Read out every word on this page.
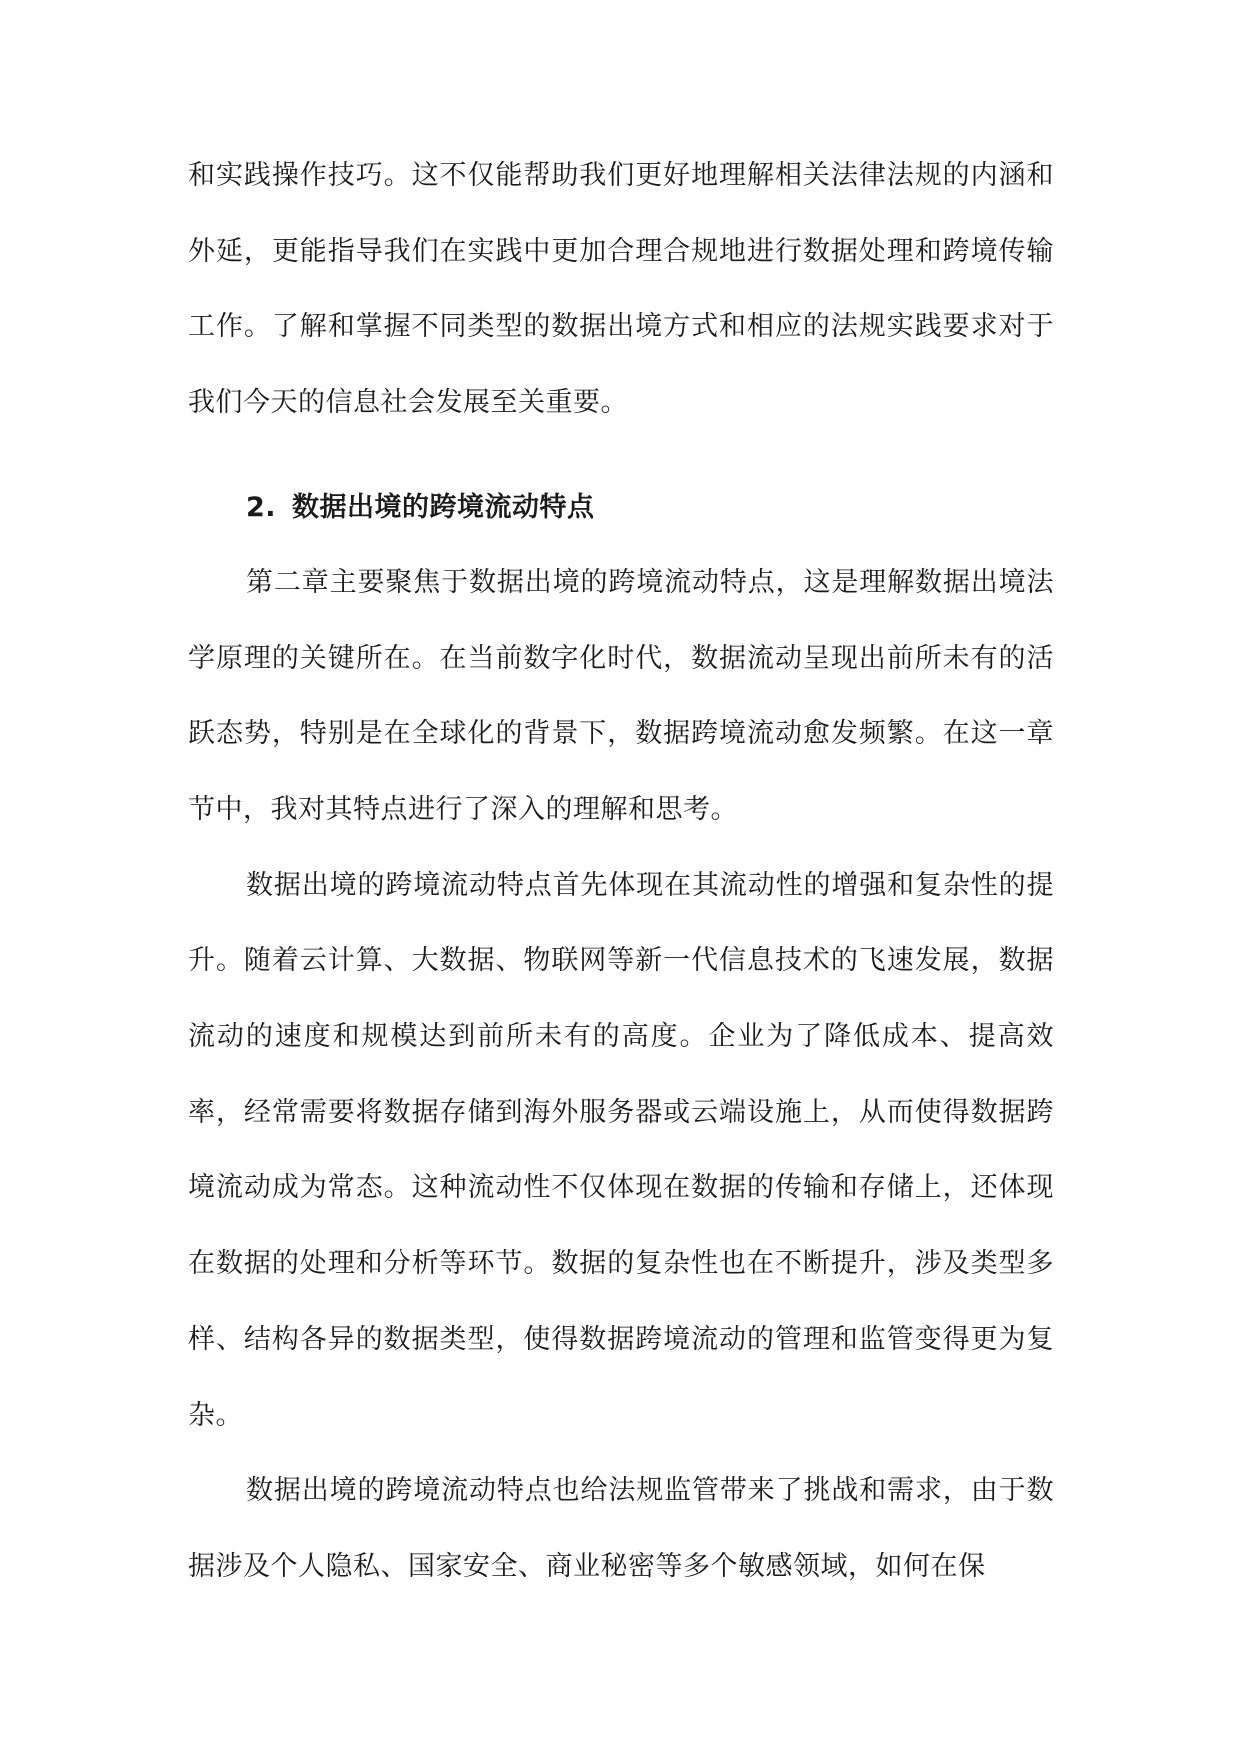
和实践操作技巧。这不仅能帮助我们更好地理解相关法律法规的内涵和外延，更能指导我们在实践中更加合理合规地进行数据处理和跨境传输工作。了解和掌握不同类型的数据出境方式和相应的法规实践要求对于我们今天的信息社会发展至关重要。

2. 数据出境的跨境流动特点

第二章主要聚焦于数据出境的跨境流动特点，这是理解数据出境法学原理的关键所在。在当前数字化时代，数据流动呈现出前所未有的活跃态势，特别是在全球化的背景下，数据跨境流动愈发频繁。在这一章节中，我对其特点进行了深入的理解和思考。

数据出境的跨境流动特点首先体现在其流动性的增强和复杂性的提升。随着云计算、大数据、物联网等新一代信息技术的飞速发展，数据流动的速度和规模达到前所未有的高度。企业为了降低成本、提高效率，经常需要将数据存储到海外服务器或云端设施上，从而使得数据跨境流动成为常态。这种流动性不仅体现在数据的传输和存储上，还体现在数据的处理和分析等环节。数据的复杂性也在不断提升，涉及类型多样、结构各异的数据类型，使得数据跨境流动的管理和监管变得更为复杂。

数据出境的跨境流动特点也给法规监管带来了挑战和需求，由于数据涉及个人隐私、国家安全、商业秘密等多个敏感领域，如何在保
